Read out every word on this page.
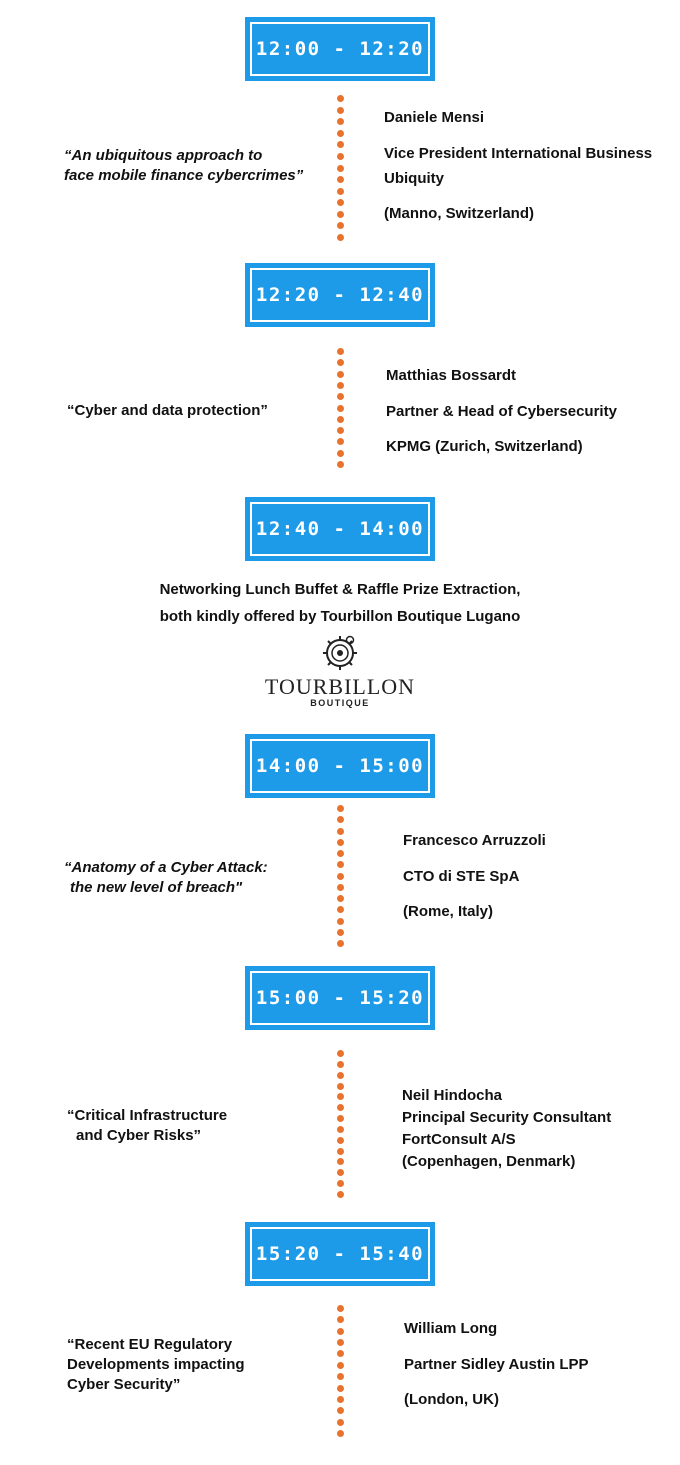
12:00 - 12:20
12:20 - 12:40
12:40 - 14:00
14:00 - 15:00
15:00 - 15:20
15:20 - 15:40
“An ubiquitous approach to
face mobile finance cybercrimes”
Daniele Mensi
Vice President International Business
Ubiquity
(Manno, Switzerland)
“Cyber and data protection”
Matthias Bossardt
Partner & Head of Cybersecurity
KPMG (Zurich, Switzerland)
Networking Lunch Buffet & Raffle Prize Extraction,
both kindly offered by Tourbillon Boutique Lugano
TOURBILLON
BOUTIQUE
“Anatomy of a Cyber Attack:
the new level of breach"
Francesco Arruzzoli
CTO di STE SpA
(Rome, Italy)
“Critical Infrastructure
and Cyber Risks”
Neil Hindocha
Principal Security Consultant
FortConsult A/S
(Copenhagen, Denmark)
“Recent EU Regulatory
Developments impacting
Cyber Security”
William Long
Partner Sidley Austin LPP
(London, UK)
